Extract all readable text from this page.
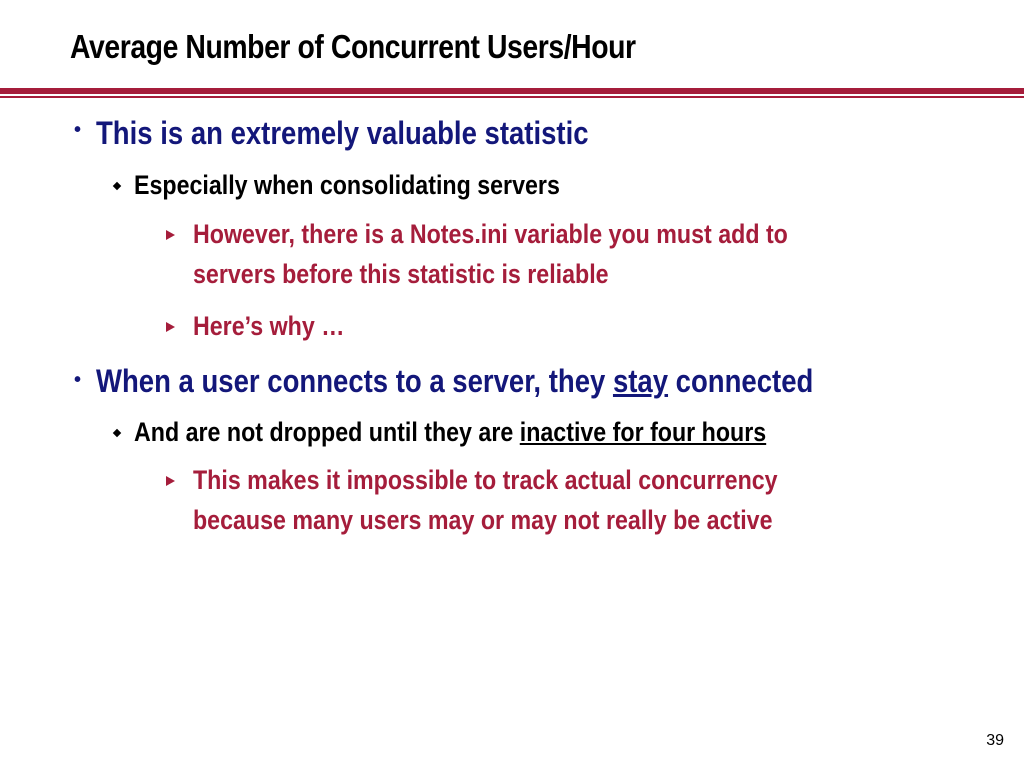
Average Number of Concurrent Users/Hour
• This is an extremely valuable statistic
Especially when consolidating servers
However, there is a Notes.ini variable you must add to
servers before this statistic is reliable
Here’s why …
• When a user connects to a server, they stay connected
And are not dropped until they are inactive for four hours
This makes it impossible to track actual concurrency
because many users may or may not really be active
39
